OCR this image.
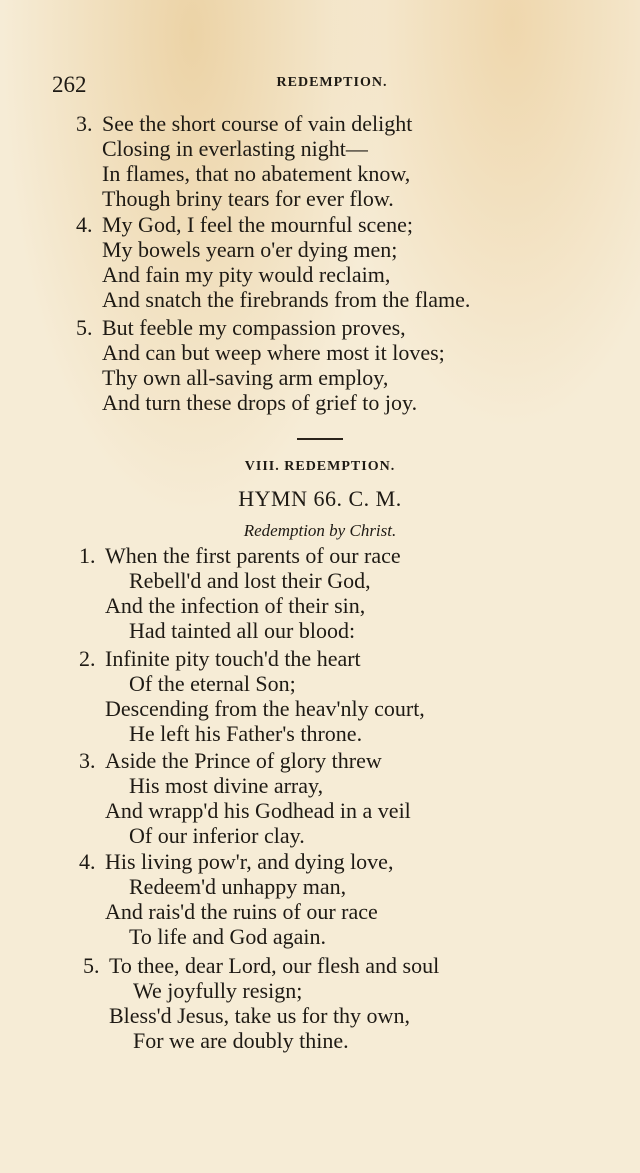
262	REDEMPTION.
3. See the short course of vain delight
Closing in everlasting night—
In flames, that no abatement know,
Though briny tears for ever flow.
4. My God, I feel the mournful scene;
My bowels yearn o'er dying men;
And fain my pity would reclaim,
And snatch the firebrands from the flame.
5. But feeble my compassion proves,
And can but weep where most it loves;
Thy own all-saving arm employ,
And turn these drops of grief to joy.
VIII. REDEMPTION.
HYMN 66. C. M.
Redemption by Christ.
1. When the first parents of our race
Rebell'd and lost their God,
And the infection of their sin,
Had tainted all our blood:
2. Infinite pity touch'd the heart
Of the eternal Son;
Descending from the heav'nly court,
He left his Father's throne.
3. Aside the Prince of glory threw
His most divine array,
And wrapp'd his Godhead in a veil
Of our inferior clay.
4. His living pow'r, and dying love,
Redeem'd unhappy man,
And rais'd the ruins of our race
To life and God again.
5. To thee, dear Lord, our flesh and soul
We joyfully resign;
Bless'd Jesus, take us for thy own,
For we are doubly thine.
